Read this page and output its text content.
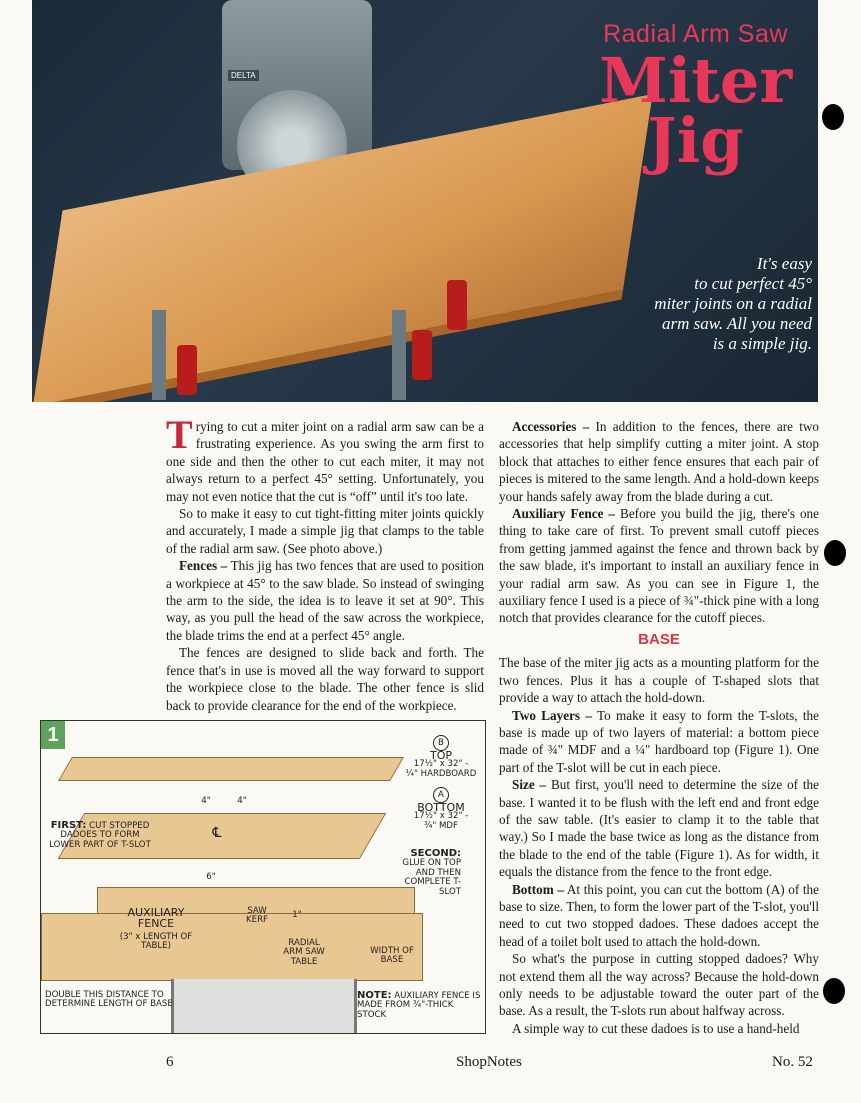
DELTA
Radial Arm Saw
Miter
Jig
It's easy
to cut perfect 45°
miter joints on a radial
arm saw. All you need
is a simple jig.

Trying to cut a miter joint on a radial arm saw can be a frustrating experience. As you swing the arm first to one side and then the other to cut each miter, it may not always return to a perfect 45° setting. Unfortunately, you may not even notice that the cut is “off” until it's too late.

So to make it easy to cut tight-fitting miter joints quickly and accurately, I made a simple jig that clamps to the table of the radial arm saw. (See photo above.)

Fences – This jig has two fences that are used to position a workpiece at 45° to the saw blade. So instead of swinging the arm to the side, the idea is to leave it set at 90°. This way, as you pull the head of the saw across the workpiece, the blade trims the end at a perfect 45° angle.

The fences are designed to slide back and forth. The fence that's in use is moved all the way forward to support the workpiece close to the blade. The other fence is slid back to provide clearance for the end of the workpiece.

Accessories – In addition to the fences, there are two accessories that help simplify cutting a miter joint. A stop block that attaches to either fence ensures that each pair of pieces is mitered to the same length. And a hold-down keeps your hands safely away from the blade during a cut.

Auxiliary Fence – Before you build the jig, there's one thing to take care of first. To prevent small cutoff pieces from getting jammed against the fence and thrown back by the saw blade, it's important to install an auxiliary fence in your radial arm saw. As you can see in Figure 1, the auxiliary fence I used is a piece of ¾"-thick pine with a long notch that provides clearance for the cutoff pieces.

BASE

The base of the miter jig acts as a mounting platform for the two fences. Plus it has a couple of T-shaped slots that provide a way to attach the hold-down.

Two Layers – To make it easy to form the T-slots, the base is made up of two layers of material: a bottom piece made of ¾" MDF and a ¼" hardboard top (Figure 1). One part of the T-slot will be cut in each piece.

Size – But first, you'll need to determine the size of the base. I wanted it to be flush with the left end and front edge of the saw table. (It's easier to clamp it to the table that way.) So I made the base twice as long as the distance from the blade to the end of the table (Figure 1). As for width, it equals the distance from the fence to the front edge.

Bottom – At this point, you can cut the bottom (A) of the base to size. Then, to form the lower part of the T-slot, you'll need to cut two stopped dadoes. These dadoes accept the head of a toilet bolt used to attach the hold-down.

So what's the purpose in cutting stopped dadoes? Why not extend them all the way across? Because the hold-down only needs to be adjustable toward the outer part of the base. As a result, the T-slots run about halfway across.

A simple way to cut these dadoes is to use a hand-held

1	B
TOP
17½" x 32" -
¼" HARDBOARD
4"	4"
A
BOTTOM
17½" x 32" -
¾" MDF
FIRST: CUT STOPPED DADOES TO FORM LOWER PART OF T-SLOT
℄
SECOND:
GLUE ON TOP AND THEN COMPLETE T-SLOT
6"
AUXILIARY FENCE
(3" x LENGTH OF TABLE)
SAW KERF
1"
RADIAL ARM SAW TABLE
WIDTH OF BASE
DOUBLE THIS DISTANCE TO DETERMINE LENGTH OF BASE
NOTE: AUXILIARY FENCE IS MADE FROM ¾"-THICK STOCK
6	ShopNotes	No. 52
